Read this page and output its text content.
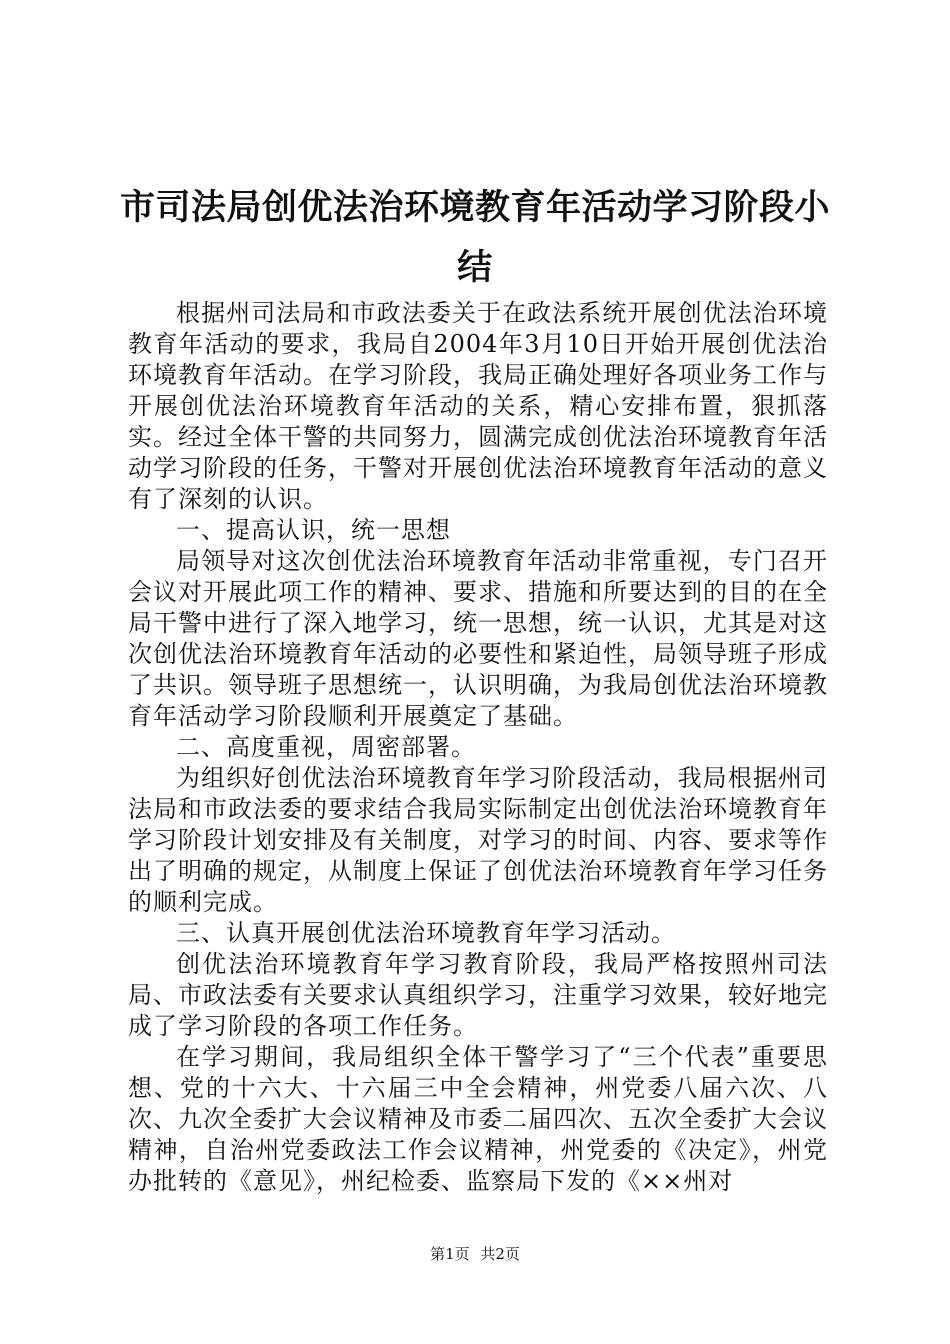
市司法局创优法治环境教育年活动学习阶段小结

根据州司法局和市政法委关于在政法系统开展创优法治环境教育年活动的要求，我局自2004年3月10日开始开展创优法治环境教育年活动。在学习阶段，我局正确处理好各项业务工作与开展创优法治环境教育年活动的关系，精心安排布置，狠抓落实。经过全体干警的共同努力，圆满完成创优法治环境教育年活动学习阶段的任务，干警对开展创优法治环境教育年活动的意义有了深刻的认识。

一、提高认识，统一思想

局领导对这次创优法治环境教育年活动非常重视，专门召开会议对开展此项工作的精神、要求、措施和所要达到的目的在全局干警中进行了深入地学习，统一思想，统一认识，尤其是对这次创优法治环境教育年活动的必要性和紧迫性，局领导班子形成了共识。领导班子思想统一，认识明确，为我局创优法治环境教育年活动学习阶段顺利开展奠定了基础。

二、高度重视，周密部署。

为组织好创优法治环境教育年学习阶段活动，我局根据州司法局和市政法委的要求结合我局实际制定出创优法治环境教育年学习阶段计划安排及有关制度，对学习的时间、内容、要求等作出了明确的规定，从制度上保证了创优法治环境教育年学习任务的顺利完成。

三、认真开展创优法治环境教育年学习活动。

创优法治环境教育年学习教育阶段，我局严格按照州司法局、市政法委有关要求认真组织学习，注重学习效果，较好地完成了学习阶段的各项工作任务。

在学习期间，我局组织全体干警学习了“三个代表”重要思想、党的十六大、十六届三中全会精神，州党委八届六次、八次、九次全委扩大会议精神及市委二届四次、五次全委扩大会议精神，自治州党委政法工作会议精神，州党委的《决定》，州党办批转的《意见》，州纪检委、监察局下发的《××州对

第1页 共2页
